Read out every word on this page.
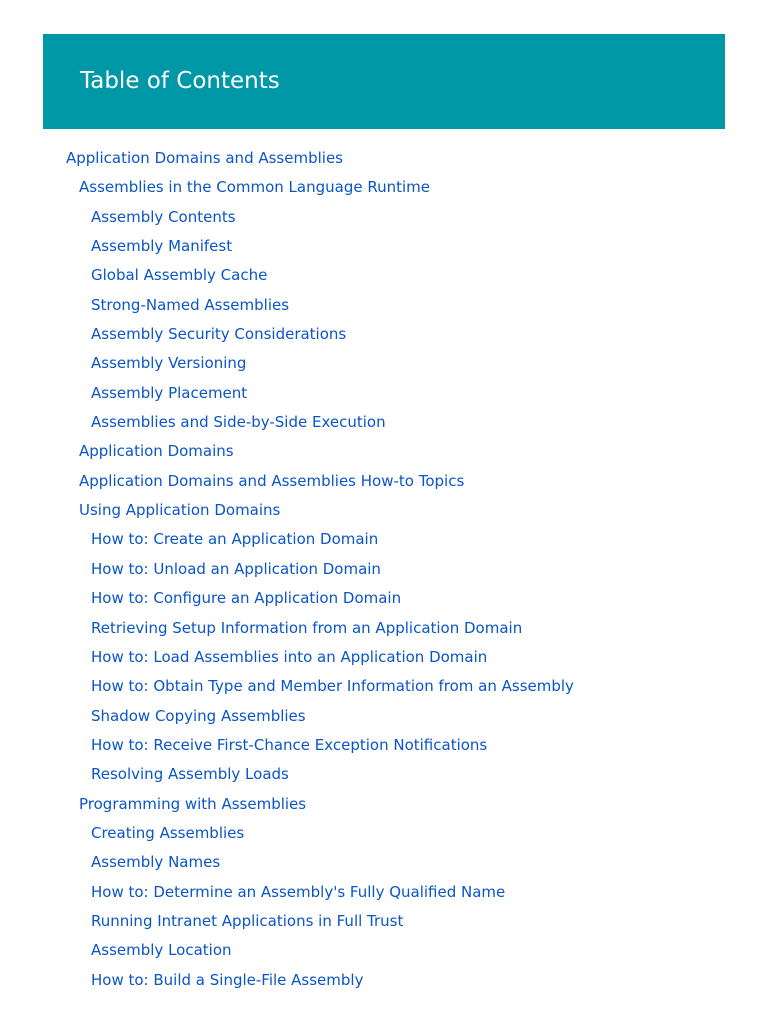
Table of Contents
Application Domains and Assemblies
Assemblies in the Common Language Runtime
Assembly Contents
Assembly Manifest
Global Assembly Cache
Strong-Named Assemblies
Assembly Security Considerations
Assembly Versioning
Assembly Placement
Assemblies and Side-by-Side Execution
Application Domains
Application Domains and Assemblies How-to Topics
Using Application Domains
How to: Create an Application Domain
How to: Unload an Application Domain
How to: Configure an Application Domain
Retrieving Setup Information from an Application Domain
How to: Load Assemblies into an Application Domain
How to: Obtain Type and Member Information from an Assembly
Shadow Copying Assemblies
How to: Receive First-Chance Exception Notifications
Resolving Assembly Loads
Programming with Assemblies
Creating Assemblies
Assembly Names
How to: Determine an Assembly's Fully Qualified Name
Running Intranet Applications in Full Trust
Assembly Location
How to: Build a Single-File Assembly
